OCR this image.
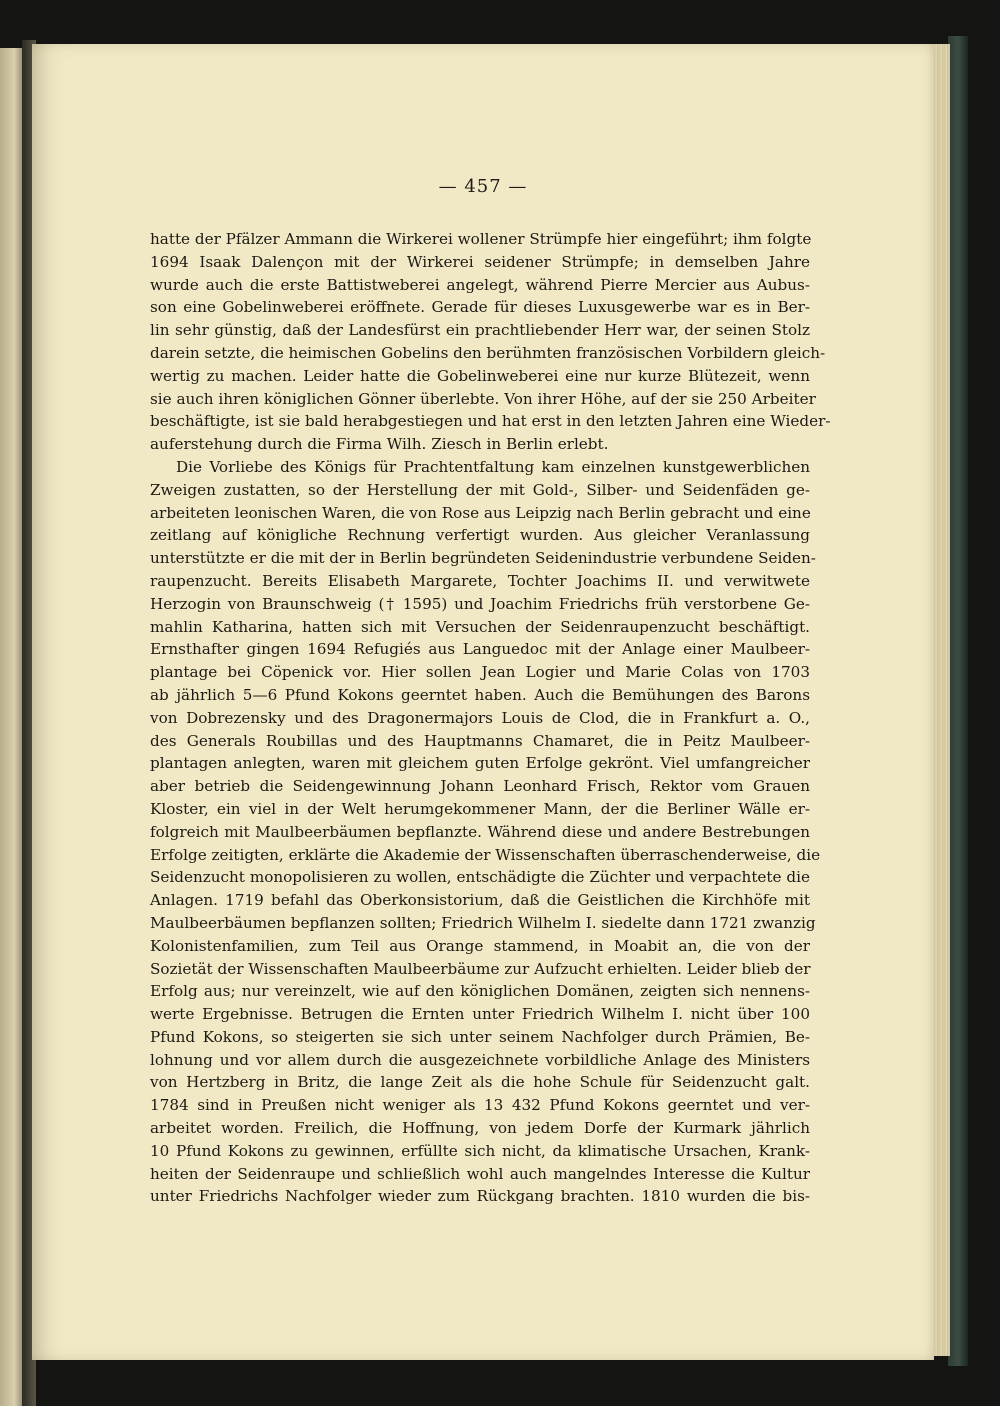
— 457 —
hatte der Pfälzer Ammann die Wirkerei wollener Strümpfe hier eingeführt; ihm folgte
1694 Isaak Dalençon mit der Wirkerei seidener Strümpfe; in demselben Jahre
wurde auch die erste Battistweberei angelegt, während Pierre Mercier aus Aubus-
son eine Gobelinweberei eröffnete. Gerade für dieses Luxusgewerbe war es in Ber-
lin sehr günstig, daß der Landesfürst ein prachtliebender Herr war, der seinen Stolz
darein setzte, die heimischen Gobelins den berühmten französischen Vorbildern gleich-
wertig zu machen. Leider hatte die Gobelinweberei eine nur kurze Blütezeit, wenn
sie auch ihren königlichen Gönner überlebte. Von ihrer Höhe, auf der sie 250 Arbeiter
beschäftigte, ist sie bald herabgestiegen und hat erst in den letzten Jahren eine Wieder-
auferstehung durch die Firma Wilh. Ziesch in Berlin erlebt.
Die Vorliebe des Königs für Prachtentfaltung kam einzelnen kunstgewerblichen
Zweigen zustatten, so der Herstellung der mit Gold-, Silber- und Seidenfäden ge-
arbeiteten leonischen Waren, die von Rose aus Leipzig nach Berlin gebracht und eine
zeitlang auf königliche Rechnung verfertigt wurden. Aus gleicher Veranlassung
unterstützte er die mit der in Berlin begründeten Seidenindustrie verbundene Seiden-
raupenzucht. Bereits Elisabeth Margarete, Tochter Joachims II. und verwitwete
Herzogin von Braunschweig († 1595) und Joachim Friedrichs früh verstorbene Ge-
mahlin Katharina, hatten sich mit Versuchen der Seidenraupenzucht beschäftigt.
Ernsthafter gingen 1694 Refugiés aus Languedoc mit der Anlage einer Maulbeer-
plantage bei Cöpenick vor. Hier sollen Jean Logier und Marie Colas von 1703
ab jährlich 5—6 Pfund Kokons geerntet haben. Auch die Bemühungen des Barons
von Dobrezensky und des Dragonermajors Louis de Clod, die in Frankfurt a. O.,
des Generals Roubillas und des Hauptmanns Chamaret, die in Peitz Maulbeer-
plantagen anlegten, waren mit gleichem guten Erfolge gekrönt. Viel umfangreicher
aber betrieb die Seidengewinnung Johann Leonhard Frisch, Rektor vom Grauen
Kloster, ein viel in der Welt herumgekommener Mann, der die Berliner Wälle er-
folgreich mit Maulbeerbäumen bepflanzte. Während diese und andere Bestrebungen
Erfolge zeitigten, erklärte die Akademie der Wissenschaften überraschenderweise, die
Seidenzucht monopolisieren zu wollen, entschädigte die Züchter und verpachtete die
Anlagen. 1719 befahl das Oberkonsistorium, daß die Geistlichen die Kirchhöfe mit
Maulbeerbäumen bepflanzen sollten; Friedrich Wilhelm I. siedelte dann 1721 zwanzig
Kolonistenfamilien, zum Teil aus Orange stammend, in Moabit an, die von der
Sozietät der Wissenschaften Maulbeerbäume zur Aufzucht erhielten. Leider blieb der
Erfolg aus; nur vereinzelt, wie auf den königlichen Domänen, zeigten sich nennens-
werte Ergebnisse. Betrugen die Ernten unter Friedrich Wilhelm I. nicht über 100
Pfund Kokons, so steigerten sie sich unter seinem Nachfolger durch Prämien, Be-
lohnung und vor allem durch die ausgezeichnete vorbildliche Anlage des Ministers
von Hertzberg in Britz, die lange Zeit als die hohe Schule für Seidenzucht galt.
1784 sind in Preußen nicht weniger als 13 432 Pfund Kokons geerntet und ver-
arbeitet worden. Freilich, die Hoffnung, von jedem Dorfe der Kurmark jährlich
10 Pfund Kokons zu gewinnen, erfüllte sich nicht, da klimatische Ursachen, Krank-
heiten der Seidenraupe und schließlich wohl auch mangelndes Interesse die Kultur
unter Friedrichs Nachfolger wieder zum Rückgang brachten. 1810 wurden die bis-
